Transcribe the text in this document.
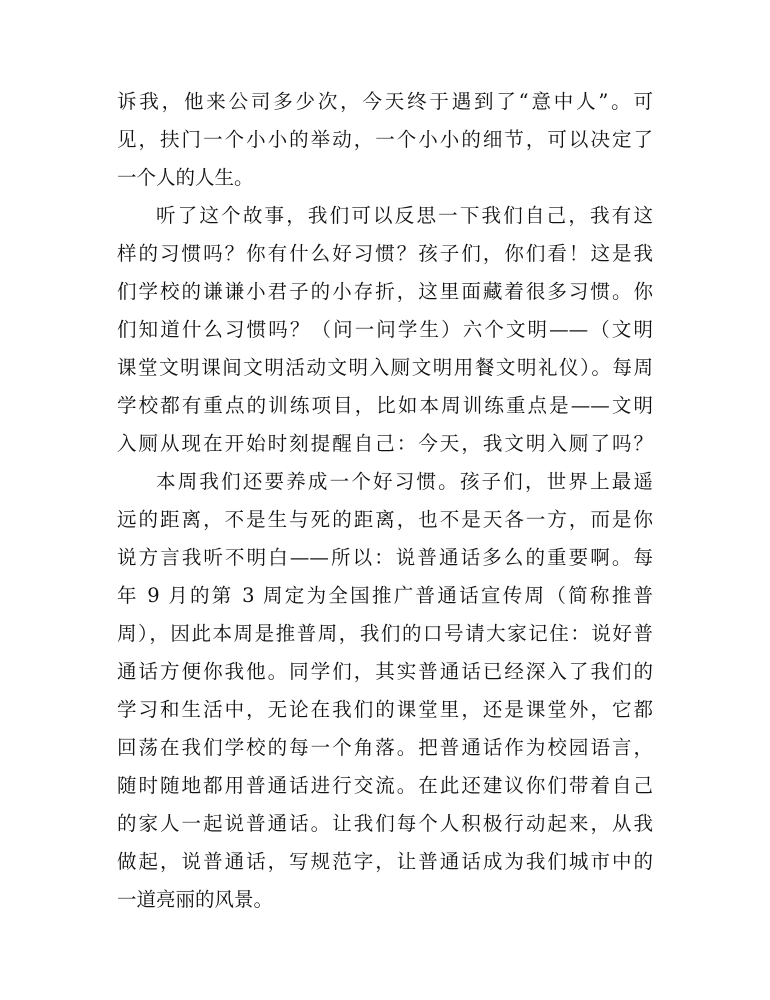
诉我，他来公司多少次，今天终于遇到了“意中人”。可
见，扶门一个小小的举动，一个小小的细节，可以决定了
一个人的人生。
听了这个故事，我们可以反思一下我们自己，我有这
样的习惯吗？你有什么好习惯？孩子们，你们看！这是我
们学校的谦谦小君子的小存折，这里面藏着很多习惯。你
们知道什么习惯吗？（问一问学生）六个文明——（文明
课堂文明课间文明活动文明入厕文明用餐文明礼仪）。每周
学校都有重点的训练项目，比如本周训练重点是——文明
入厕从现在开始时刻提醒自己：今天，我文明入厕了吗？
本周我们还要养成一个好习惯。孩子们，世界上最遥
远的距离，不是生与死的距离，也不是天各一方，而是你
说方言我听不明白——所以：说普通话多么的重要啊。每
年 9 月的第 3 周定为全国推广普通话宣传周（简称推普
周），因此本周是推普周，我们的口号请大家记住：说好普
通话方便你我他。同学们，其实普通话已经深入了我们的
学习和生活中，无论在我们的课堂里，还是课堂外，它都
回荡在我们学校的每一个角落。把普通话作为校园语言，
随时随地都用普通话进行交流。在此还建议你们带着自己
的家人一起说普通话。让我们每个人积极行动起来，从我
做起，说普通话，写规范字，让普通话成为我们城市中的
一道亮丽的风景。
